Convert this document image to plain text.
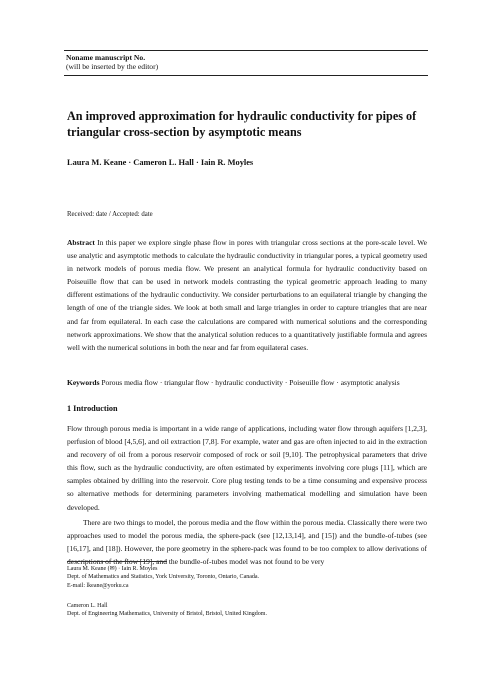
Noname manuscript No.
(will be inserted by the editor)
An improved approximation for hydraulic conductivity for pipes of triangular cross-section by asymptotic means
Laura M. Keane · Cameron L. Hall · Iain R. Moyles
Received: date / Accepted: date
Abstract In this paper we explore single phase flow in pores with triangular cross sections at the pore-scale level. We use analytic and asymptotic methods to calculate the hydraulic conductivity in triangular pores, a typical geometry used in network models of porous media flow. We present an analytical formula for hydraulic conductivity based on Poiseuille flow that can be used in network models contrasting the typical geometric approach leading to many different estimations of the hydraulic conductivity. We consider perturbations to an equilateral triangle by changing the length of one of the triangle sides. We look at both small and large triangles in order to capture triangles that are near and far from equilateral. In each case the calculations are compared with numerical solutions and the corresponding network approximations. We show that the analytical solution reduces to a quantitatively justifiable formula and agrees well with the numerical solutions in both the near and far from equilateral cases.
Keywords Porous media flow · triangular flow · hydraulic conductivity · Poiseuille flow · asymptotic analysis
1 Introduction
Flow through porous media is important in a wide range of applications, including water flow through aquifers [1,2,3], perfusion of blood [4,5,6], and oil extraction [7,8]. For example, water and gas are often injected to aid in the extraction and recovery of oil from a porous reservoir composed of rock or soil [9,10]. The petrophysical parameters that drive this flow, such as the hydraulic conductivity, are often estimated by experiments involving core plugs [11], which are samples obtained by drilling into the reservoir. Core plug testing tends to be a time consuming and expensive process so alternative methods for determining parameters involving mathematical modelling and simulation have been developed.
There are two things to model, the porous media and the flow within the porous media. Classically there were two approaches used to model the porous media, the sphere-pack (see [12,13,14], and [15]) and the bundle-of-tubes (see [16,17], and [18]). However, the pore geometry in the sphere-pack was found to be too complex to allow derivations of descriptions of the flow [19], and the bundle-of-tubes model was not found to be very
Laura M. Keane (✉) · Iain R. Moyles
Dept. of Mathematics and Statistics, York University, Toronto, Ontario, Canada.
E-mail: lkeane@yorku.ca
Cameron L. Hall
Dept. of Engineering Mathematics, University of Bristol, Bristol, United Kingdom.
